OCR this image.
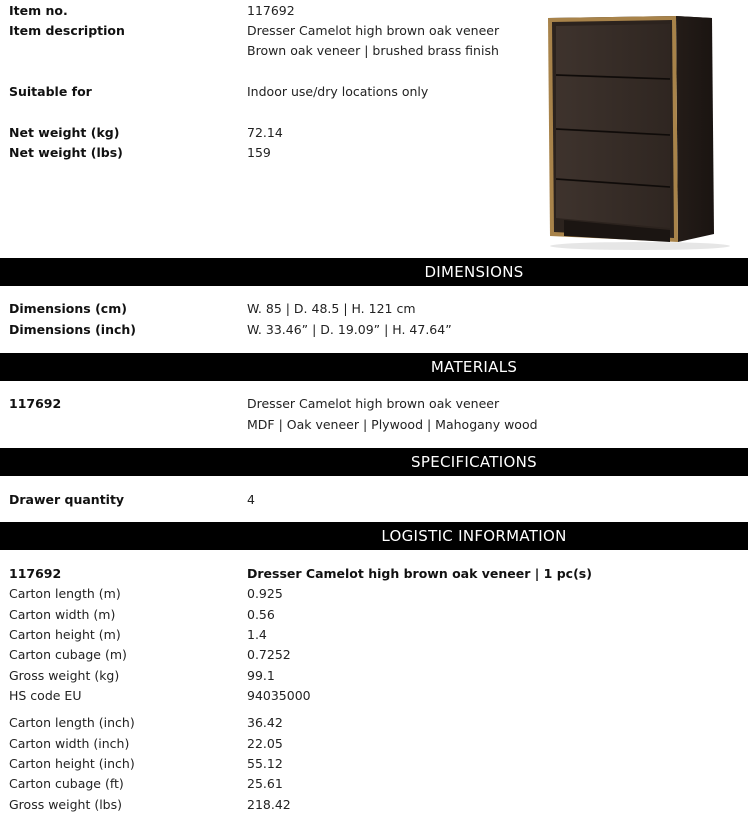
Item no.	117692
Item description	Dresser Camelot high brown oak veneer
Brown oak veneer | brushed brass finish
Suitable for	Indoor use/dry locations only
Net weight (kg)	72.14
Net weight (lbs)	159
DIMENSIONS
Dimensions (cm)	W. 85 | D. 48.5 | H. 121 cm
Dimensions (inch)	W. 33.46” | D. 19.09” | H. 47.64”
MATERIALS
117692	Dresser Camelot high brown oak veneer
MDF | Oak veneer | Plywood | Mahogany wood
SPECIFICATIONS
Drawer quantity	4
LOGISTIC INFORMATION
117692	Dresser Camelot high brown oak veneer | 1 pc(s)
Carton length (m)	0.925
Carton width (m)	0.56
Carton height (m)	1.4
Carton cubage (m)	0.7252
Gross weight (kg)	99.1
HS code EU	94035000
Carton length (inch)	36.42
Carton width (inch)	22.05
Carton height (inch)	55.12
Carton cubage (ft)	25.61
Gross weight (lbs)	218.42
